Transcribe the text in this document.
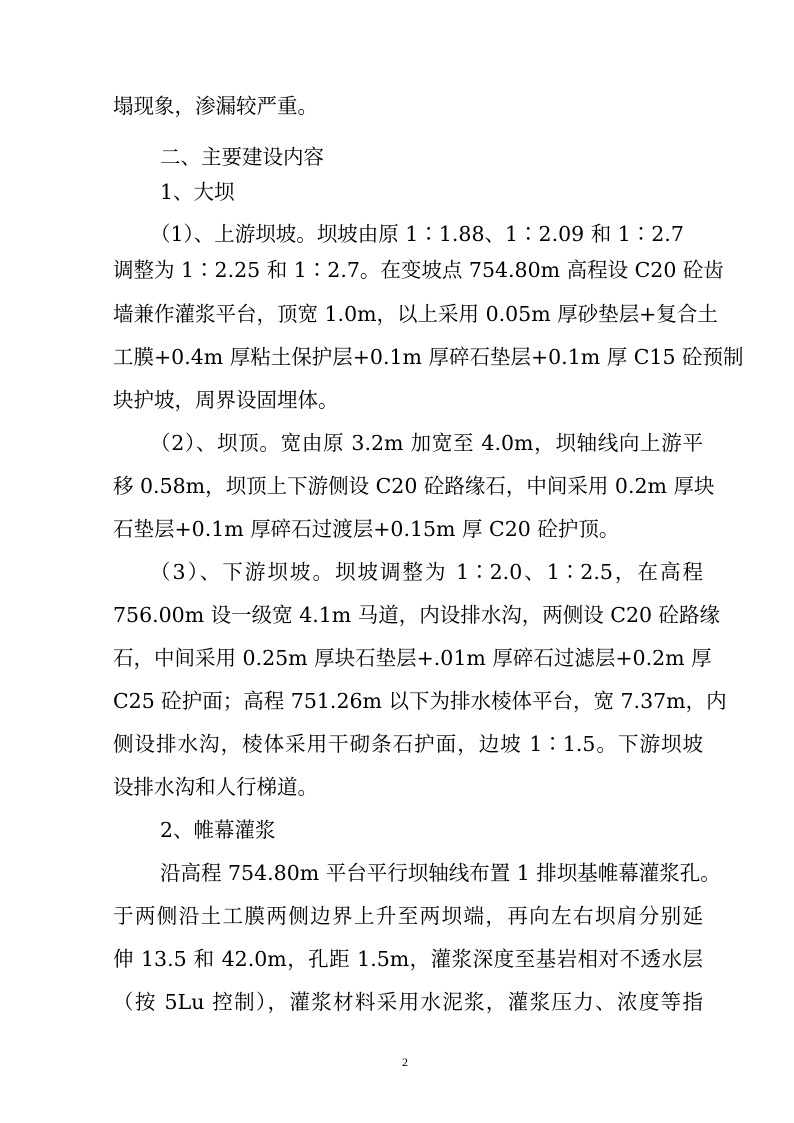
塌现象，渗漏较严重。

二、主要建设内容

1、大坝

（1）、上游坝坡。坝坡由原 1∶1.88、1∶2.09 和 1∶2.7

调整为 1∶2.25 和 1∶2.7。在变坡点 754.80m 高程设 C20 砼齿

墙兼作灌浆平台，顶宽 1.0m，以上采用 0.05m 厚砂垫层+复合土

工膜+0.4m 厚粘土保护层+0.1m 厚碎石垫层+0.1m 厚 C15 砼预制

块护坡，周界设固埋体。

（2）、坝顶。宽由原 3.2m 加宽至 4.0m，坝轴线向上游平

移 0.58m，坝顶上下游侧设 C20 砼路缘石，中间采用 0.2m 厚块

石垫层+0.1m 厚碎石过渡层+0.15m 厚 C20 砼护顶。

（3）、下游坝坡。坝坡调整为 1∶2.0、1∶2.5，在高程

756.00m 设一级宽 4.1m 马道，内设排水沟，两侧设 C20 砼路缘

石，中间采用 0.25m 厚块石垫层+.01m 厚碎石过滤层+0.2m 厚

C25 砼护面；高程 751.26m 以下为排水棱体平台，宽 7.37m，内

侧设排水沟，棱体采用干砌条石护面，边坡 1∶1.5。下游坝坡

设排水沟和人行梯道。

2、帷幕灌浆

沿高程 754.80m 平台平行坝轴线布置 1 排坝基帷幕灌浆孔。

于两侧沿土工膜两侧边界上升至两坝端，再向左右坝肩分别延

伸 13.5 和 42.0m，孔距 1.5m，灌浆深度至基岩相对不透水层

（按 5Lu 控制），灌浆材料采用水泥浆，灌浆压力、浓度等指

2
